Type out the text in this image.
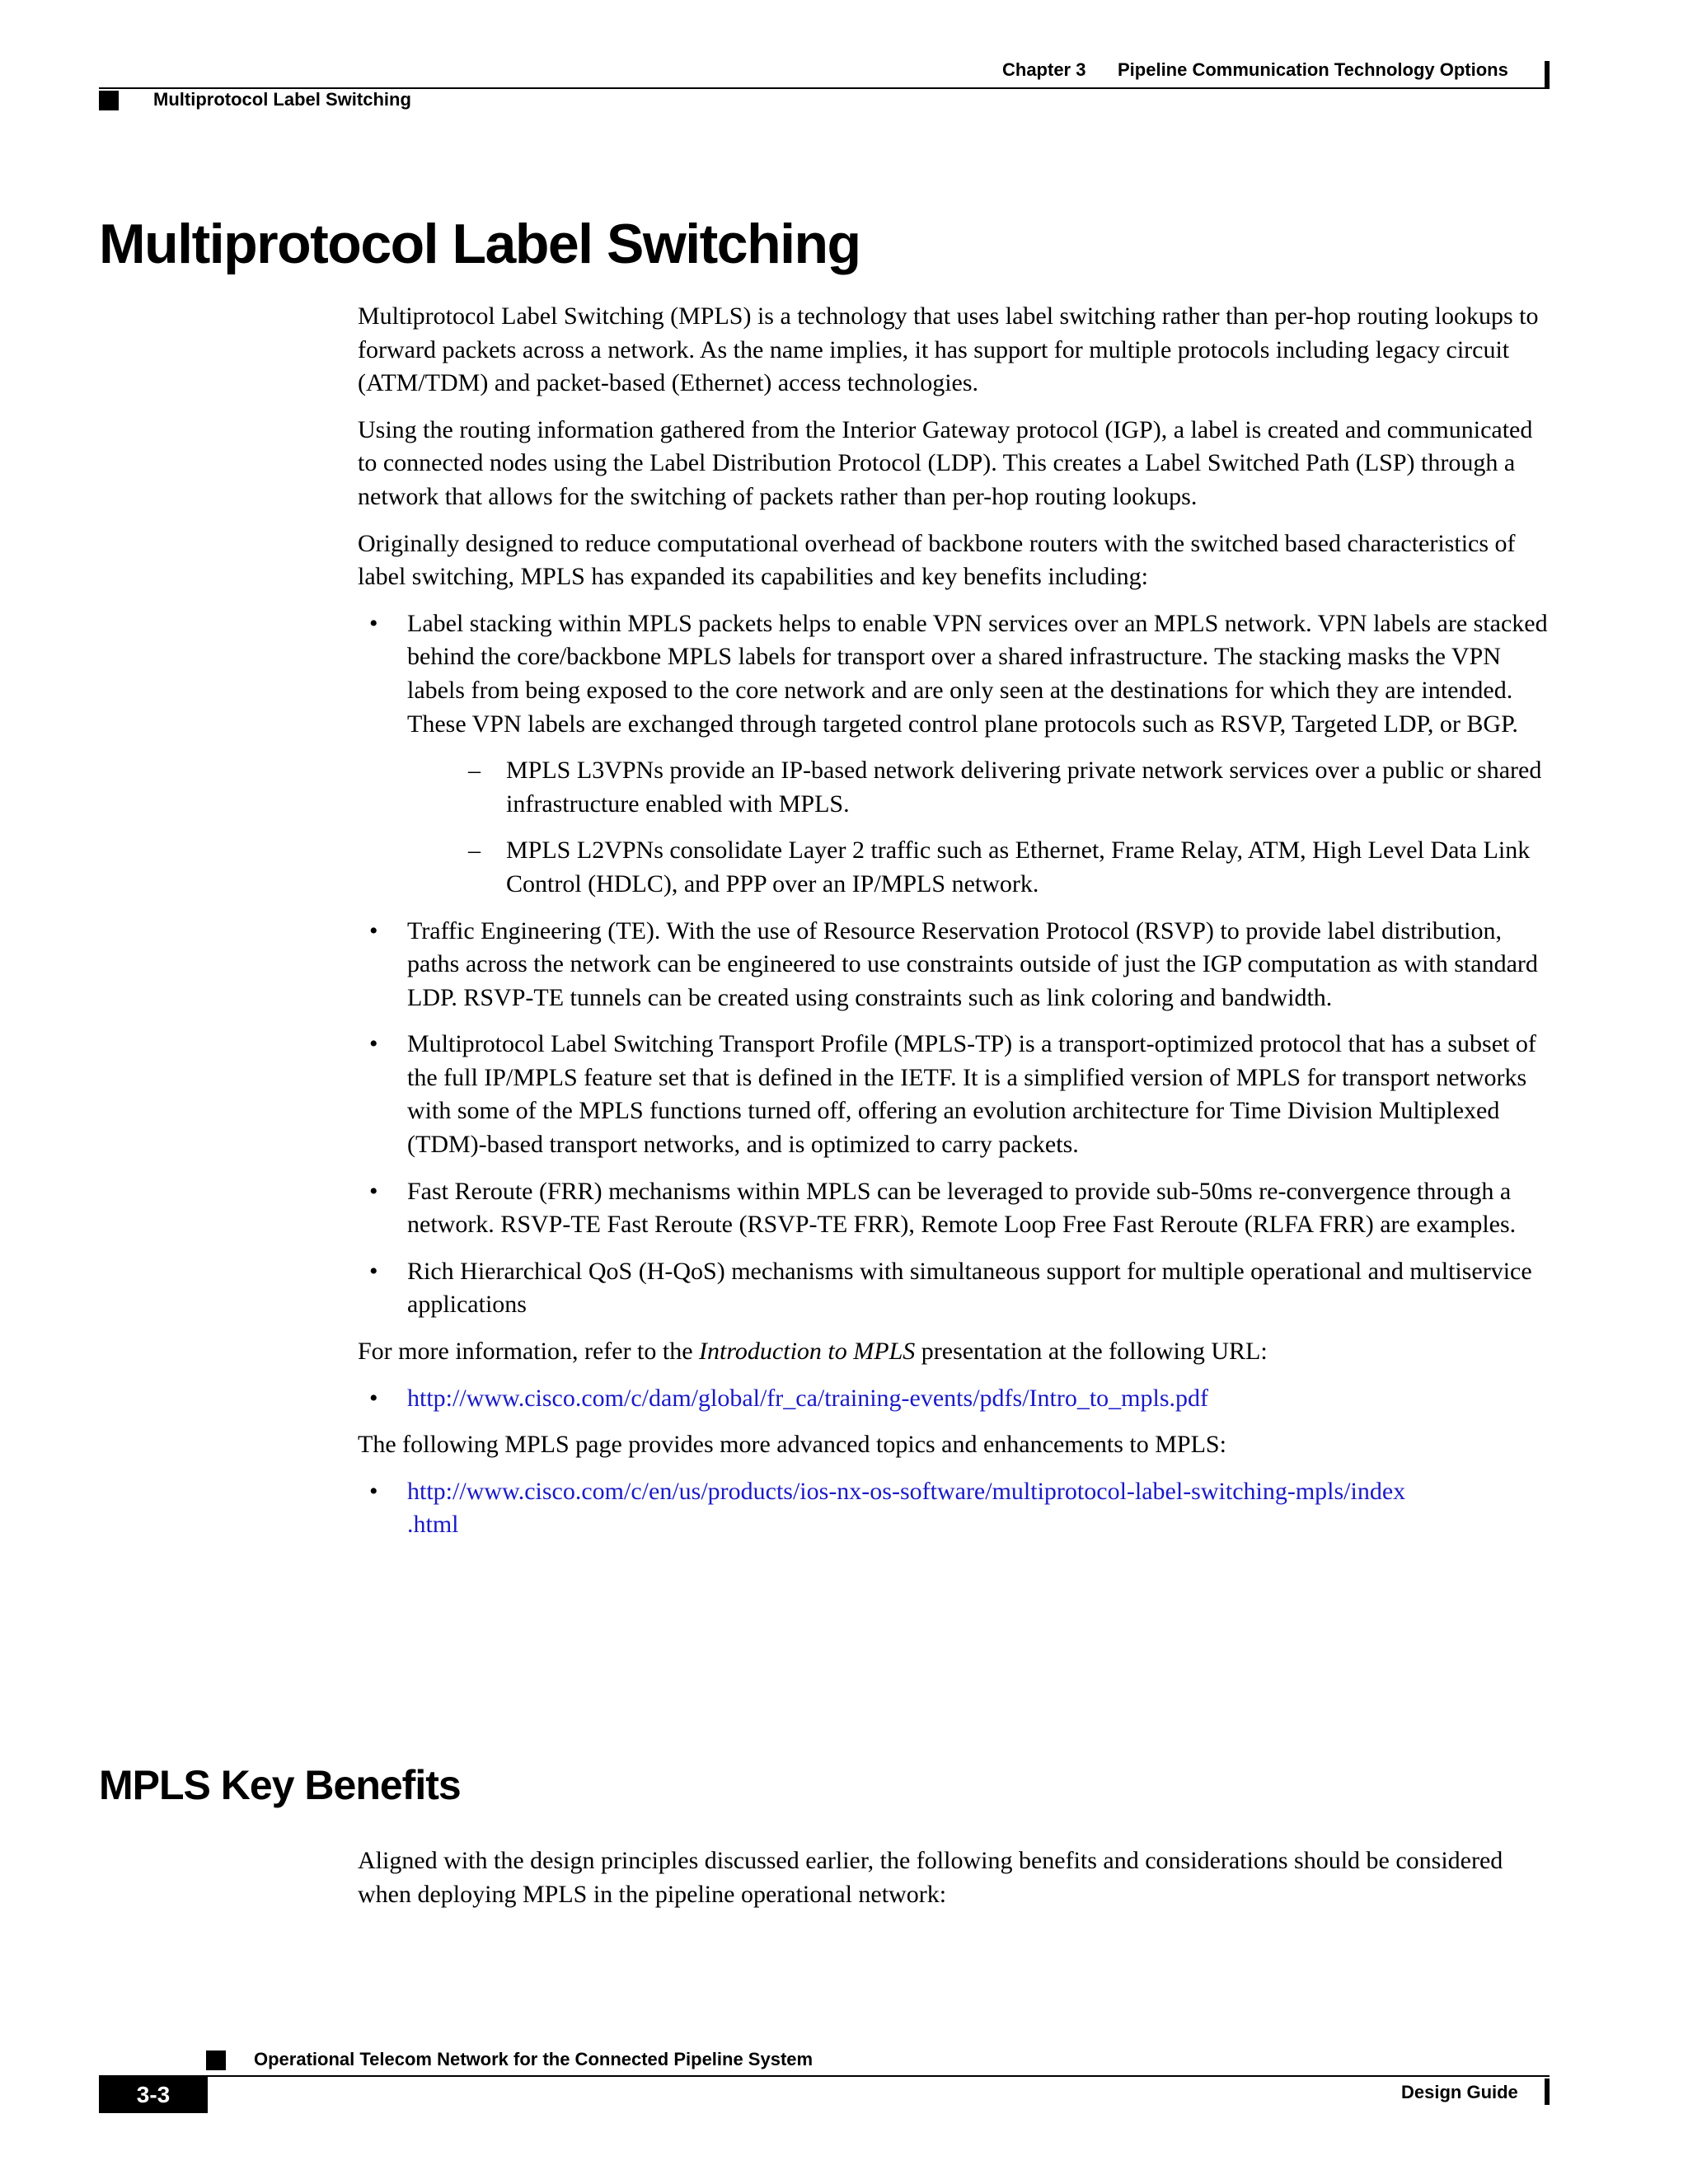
Chapter 3 Pipeline Communication Technology Options
Multiprotocol Label Switching
Multiprotocol Label Switching

Multiprotocol Label Switching (MPLS) is a technology that uses label switching rather than per-hop routing lookups to forward packets across a network. As the name implies, it has support for multiple protocols including legacy circuit (ATM/TDM) and packet-based (Ethernet) access technologies.

Using the routing information gathered from the Interior Gateway protocol (IGP), a label is created and communicated to connected nodes using the Label Distribution Protocol (LDP). This creates a Label Switched Path (LSP) through a network that allows for the switching of packets rather than per-hop routing lookups.

Originally designed to reduce computational overhead of backbone routers with the switched based characteristics of label switching, MPLS has expanded its capabilities and key benefits including:

• Label stacking within MPLS packets helps to enable VPN services over an MPLS network. VPN labels are stacked behind the core/backbone MPLS labels for transport over a shared infrastructure. The stacking masks the VPN labels from being exposed to the core network and are only seen at the destinations for which they are intended. These VPN labels are exchanged through targeted control plane protocols such as RSVP, Targeted LDP, or BGP.
– MPLS L3VPNs provide an IP-based network delivering private network services over a public or shared infrastructure enabled with MPLS.
– MPLS L2VPNs consolidate Layer 2 traffic such as Ethernet, Frame Relay, ATM, High Level Data Link Control (HDLC), and PPP over an IP/MPLS network.
• Traffic Engineering (TE). With the use of Resource Reservation Protocol (RSVP) to provide label distribution, paths across the network can be engineered to use constraints outside of just the IGP computation as with standard LDP. RSVP-TE tunnels can be created using constraints such as link coloring and bandwidth.
• Multiprotocol Label Switching Transport Profile (MPLS-TP) is a transport-optimized protocol that has a subset of the full IP/MPLS feature set that is defined in the IETF. It is a simplified version of MPLS for transport networks with some of the MPLS functions turned off, offering an evolution architecture for Time Division Multiplexed (TDM)-based transport networks, and is optimized to carry packets.
• Fast Reroute (FRR) mechanisms within MPLS can be leveraged to provide sub-50ms re-convergence through a network. RSVP-TE Fast Reroute (RSVP-TE FRR), Remote Loop Free Fast Reroute (RLFA FRR) are examples.
• Rich Hierarchical QoS (H-QoS) mechanisms with simultaneous support for multiple operational and multiservice applications

For more information, refer to the Introduction to MPLS presentation at the following URL:

• http://www.cisco.com/c/dam/global/fr_ca/training-events/pdfs/Intro_to_mpls.pdf

The following MPLS page provides more advanced topics and enhancements to MPLS:

• http://www.cisco.com/c/en/us/products/ios-nx-os-software/multiprotocol-label-switching-mpls/index
.html
MPLS Key Benefits

Aligned with the design principles discussed earlier, the following benefits and considerations should be considered when deploying MPLS in the pipeline operational network:

Operational Telecom Network for the Connected Pipeline System
3-3	Design Guide
